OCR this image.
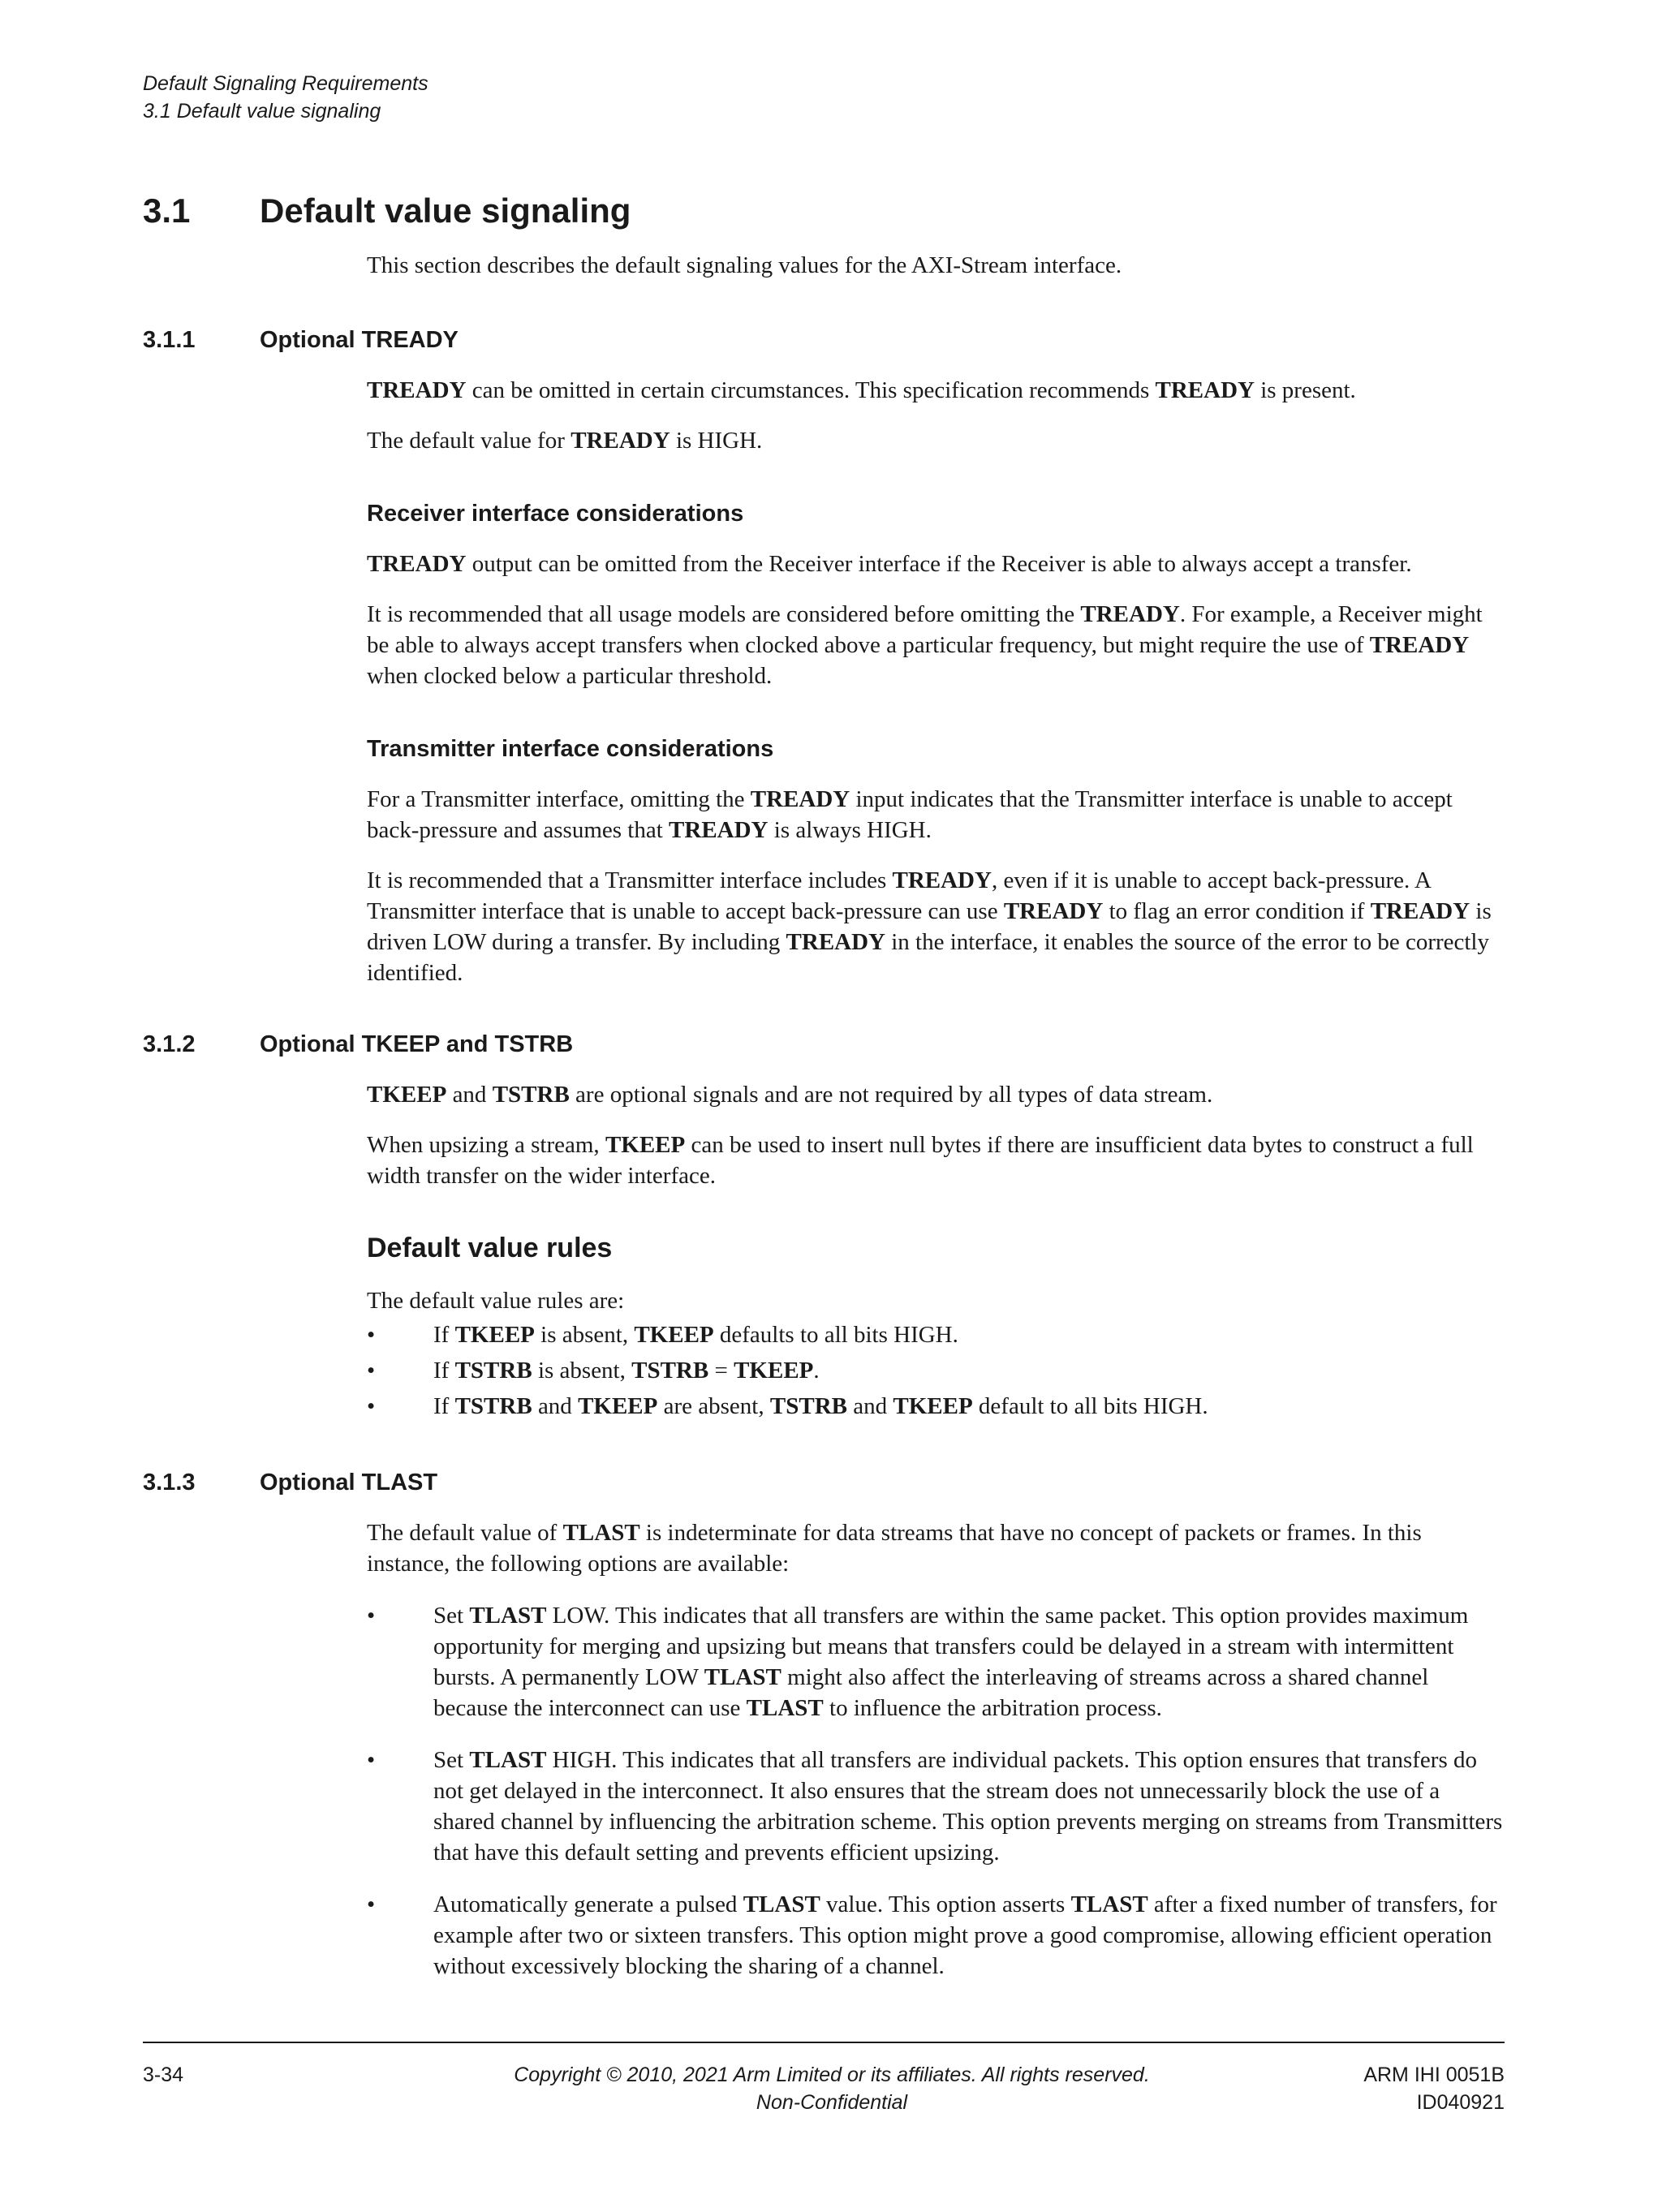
Default Signaling Requirements
3.1 Default value signaling
3.1 Default value signaling

This section describes the default signaling values for the AXI-Stream interface.

3.1.1	Optional TREADY

TREADY can be omitted in certain circumstances. This specification recommends TREADY is present.

The default value for TREADY is HIGH.

Receiver interface considerations

TREADY output can be omitted from the Receiver interface if the Receiver is able to always accept a transfer.

It is recommended that all usage models are considered before omitting the TREADY. For example, a Receiver might be able to always accept transfers when clocked above a particular frequency, but might require the use of TREADY when clocked below a particular threshold.

Transmitter interface considerations

For a Transmitter interface, omitting the TREADY input indicates that the Transmitter interface is unable to accept back-pressure and assumes that TREADY is always HIGH.

It is recommended that a Transmitter interface includes TREADY, even if it is unable to accept back-pressure. A Transmitter interface that is unable to accept back-pressure can use TREADY to flag an error condition if TREADY is driven LOW during a transfer. By including TREADY in the interface, it enables the source of the error to be correctly identified.

3.1.2	Optional TKEEP and TSTRB

TKEEP and TSTRB are optional signals and are not required by all types of data stream.

When upsizing a stream, TKEEP can be used to insert null bytes if there are insufficient data bytes to construct a full width transfer on the wider interface.

Default value rules

The default value rules are:

• If TKEEP is absent, TKEEP defaults to all bits HIGH.
• If TSTRB is absent, TSTRB = TKEEP.
• If TSTRB and TKEEP are absent, TSTRB and TKEEP default to all bits HIGH.
3.1.3	Optional TLAST

The default value of TLAST is indeterminate for data streams that have no concept of packets or frames. In this instance, the following options are available:

• Set TLAST LOW. This indicates that all transfers are within the same packet. This option provides maximum opportunity for merging and upsizing but means that transfers could be delayed in a stream with intermittent bursts. A permanently LOW TLAST might also affect the interleaving of streams across a shared channel because the interconnect can use TLAST to influence the arbitration process.
• Set TLAST HIGH. This indicates that all transfers are individual packets. This option ensures that transfers do not get delayed in the interconnect. It also ensures that the stream does not unnecessarily block the use of a shared channel by influencing the arbitration scheme. This option prevents merging on streams from Transmitters that have this default setting and prevents efficient upsizing.
• Automatically generate a pulsed TLAST value. This option asserts TLAST after a fixed number of transfers, for example after two or sixteen transfers. This option might prove a good compromise, allowing efficient operation without excessively blocking the sharing of a channel.
3-34	Copyright © 2010, 2021 Arm Limited or its affiliates. All rights reserved.
Non-Confidential
ARM IHI 0051B
ID040921
